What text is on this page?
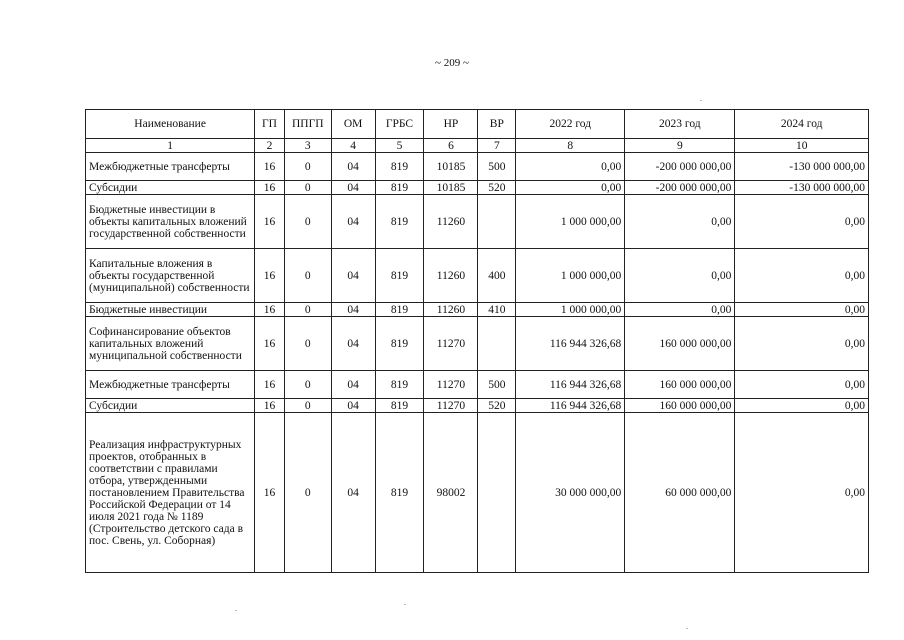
~ 209 ~
Наименование	ГП	ППГП	ОМ	ГРБС	НР	ВР	2022 год	2023 год	2024 год
1	2	3	4	5	6	7	8	9	10
Межбюджетные трансферты	16	0	04	819	10185	500	0,00	-200 000 000,00	-130 000 000,00
Субсидии	16	0	04	819	10185	520	0,00	-200 000 000,00	-130 000 000,00
Бюджетные инвестиции в объекты капитальных вложений государственной собственности	16	0	04	819	11260		1 000 000,00	0,00	0,00
Капитальные вложения в объекты государственной (муниципальной) собственности	16	0	04	819	11260	400	1 000 000,00	0,00	0,00
Бюджетные инвестиции	16	0	04	819	11260	410	1 000 000,00	0,00	0,00
Софинансирование объектов капитальных вложений муниципальной собственности	16	0	04	819	11270		116 944 326,68	160 000 000,00	0,00
Межбюджетные трансферты	16	0	04	819	11270	500	116 944 326,68	160 000 000,00	0,00
Субсидии	16	0	04	819	11270	520	116 944 326,68	160 000 000,00	0,00
Реализация инфраструктурных проектов, отобранных в соответствии с правилами отбора, утвержденными постановлением Правительства Российской Федерации от 14 июля 2021 года № 1189 (Строительство детского сада в пос. Свень, ул. Соборная)	16	0	04	819	98002		30 000 000,00	60 000 000,00	0,00
